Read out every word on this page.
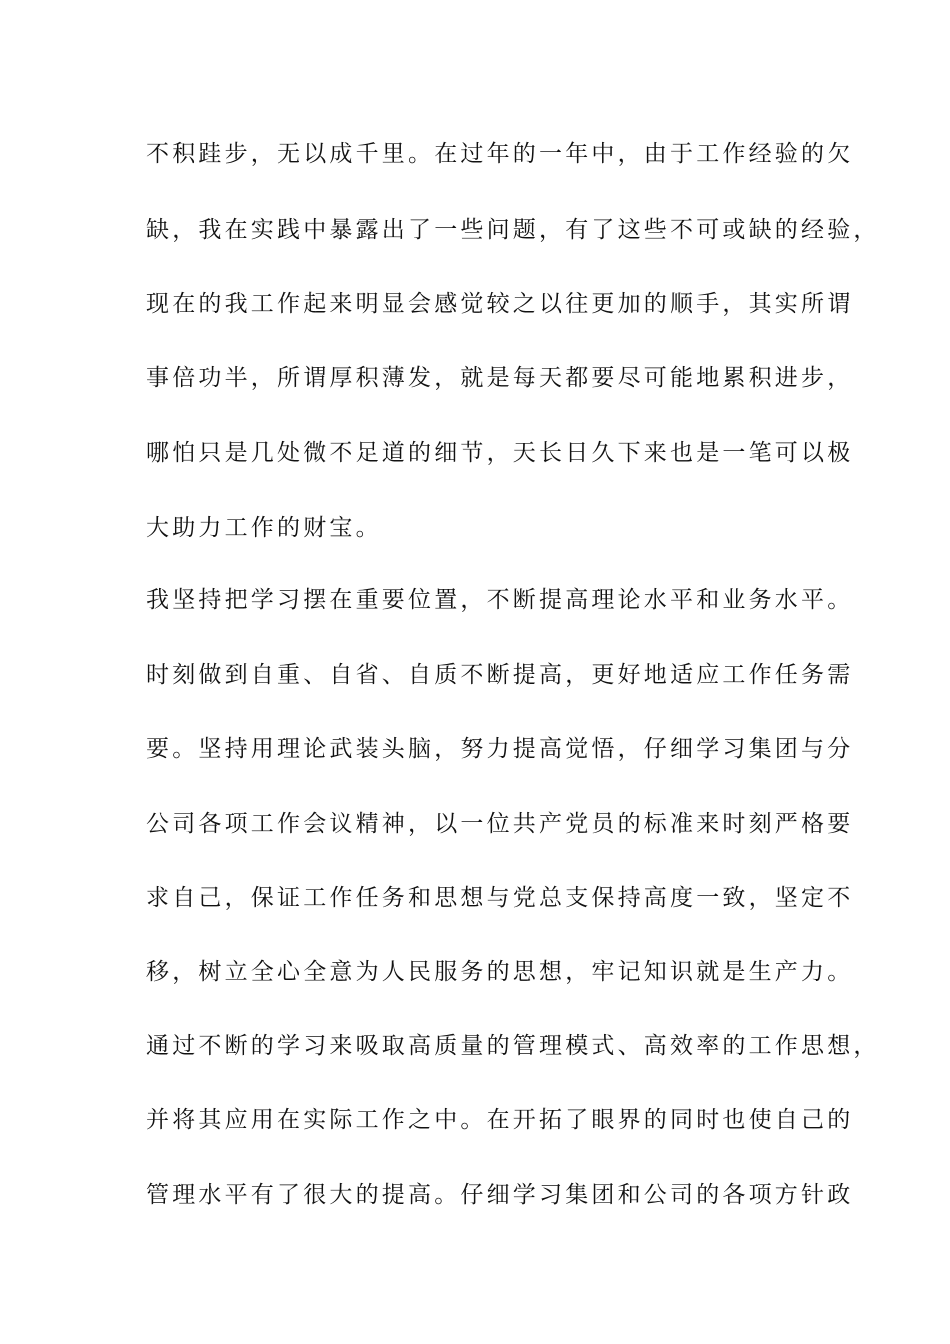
不积跬步，无以成千里。在过年的一年中，由于工作经验的欠

缺，我在实践中暴露出了一些问题，有了这些不可或缺的经验，

现在的我工作起来明显会感觉较之以往更加的顺手，其实所谓

事倍功半，所谓厚积薄发，就是每天都要尽可能地累积进步，

哪怕只是几处微不足道的细节，天长日久下来也是一笔可以极

大助力工作的财宝。

我坚持把学习摆在重要位置，不断提高理论水平和业务水平。

时刻做到自重、自省、自质不断提高，更好地适应工作任务需

要。坚持用理论武装头脑，努力提高觉悟，仔细学习集团与分

公司各项工作会议精神，以一位共产党员的标准来时刻严格要

求自己，保证工作任务和思想与党总支保持高度一致，坚定不

移，树立全心全意为人民服务的思想，牢记知识就是生产力。

通过不断的学习来吸取高质量的管理模式、高效率的工作思想，

并将其应用在实际工作之中。在开拓了眼界的同时也使自己的

管理水平有了很大的提高。仔细学习集团和公司的各项方针政
